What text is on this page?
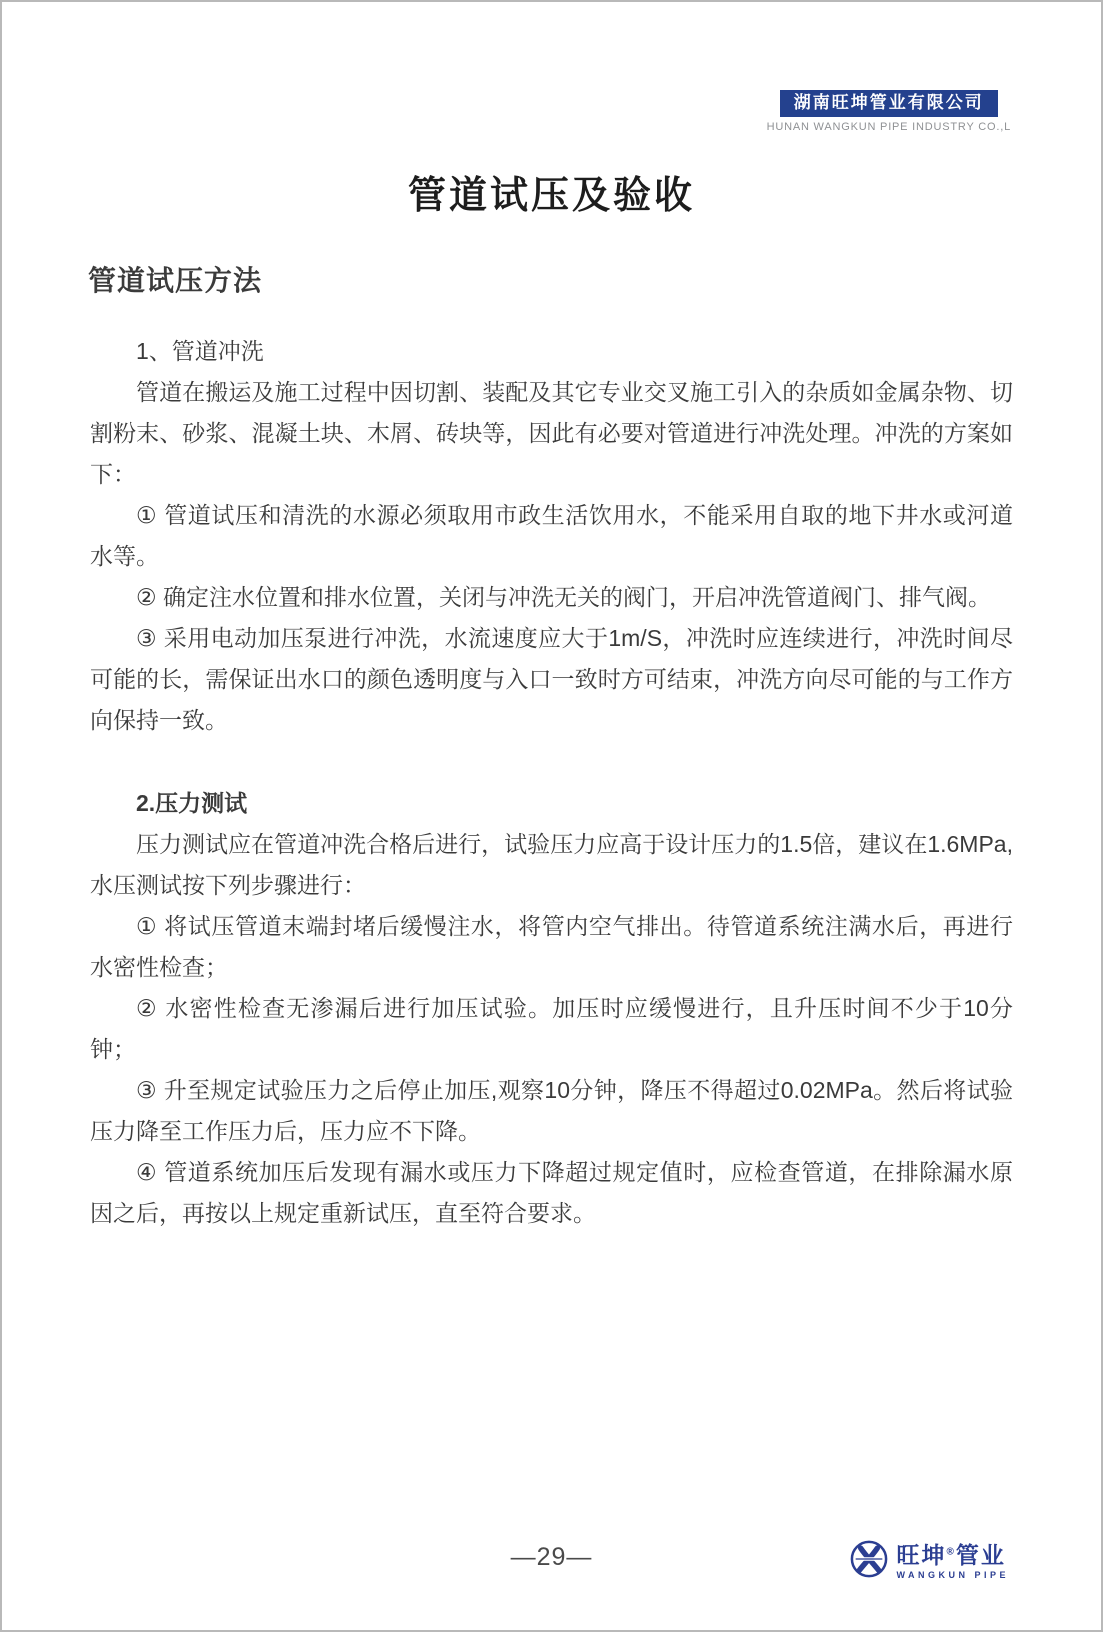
湖南旺坤管业有限公司
HUNAN WANGKUN PIPE INDUSTRY CO.,L
管道试压及验收
管道试压方法

1、管道冲洗

管道在搬运及施工过程中因切割、装配及其它专业交叉施工引入的杂质如金属杂物、切割粉末、砂浆、混凝土块、木屑、砖块等，因此有必要对管道进行冲洗处理。冲洗的方案如下：

① 管道试压和清洗的水源必须取用市政生活饮用水，不能采用自取的地下井水或河道水等。

② 确定注水位置和排水位置，关闭与冲洗无关的阀门，开启冲洗管道阀门、排气阀。

③ 采用电动加压泵进行冲洗，水流速度应大于1m/S，冲洗时应连续进行，冲洗时间尽可能的长，需保证出水口的颜色透明度与入口一致时方可结束，冲洗方向尽可能的与工作方向保持一致。

2.压力测试

压力测试应在管道冲洗合格后进行，试验压力应高于设计压力的1.5倍，建议在1.6MPa,水压测试按下列步骤进行：

① 将试压管道末端封堵后缓慢注水，将管内空气排出。待管道系统注满水后，再进行水密性检查；

② 水密性检查无渗漏后进行加压试验。加压时应缓慢进行，且升压时间不少于10分钟；

③ 升至规定试验压力之后停止加压,观察10分钟，降压不得超过0.02MPa。然后将试验压力降至工作压力后，压力应不下降。

④ 管道系统加压后发现有漏水或压力下降超过规定值时，应检查管道，在排除漏水原因之后，再按以上规定重新试压，直至符合要求。

—29—	旺坤®管业
WANGKUN PIPE
